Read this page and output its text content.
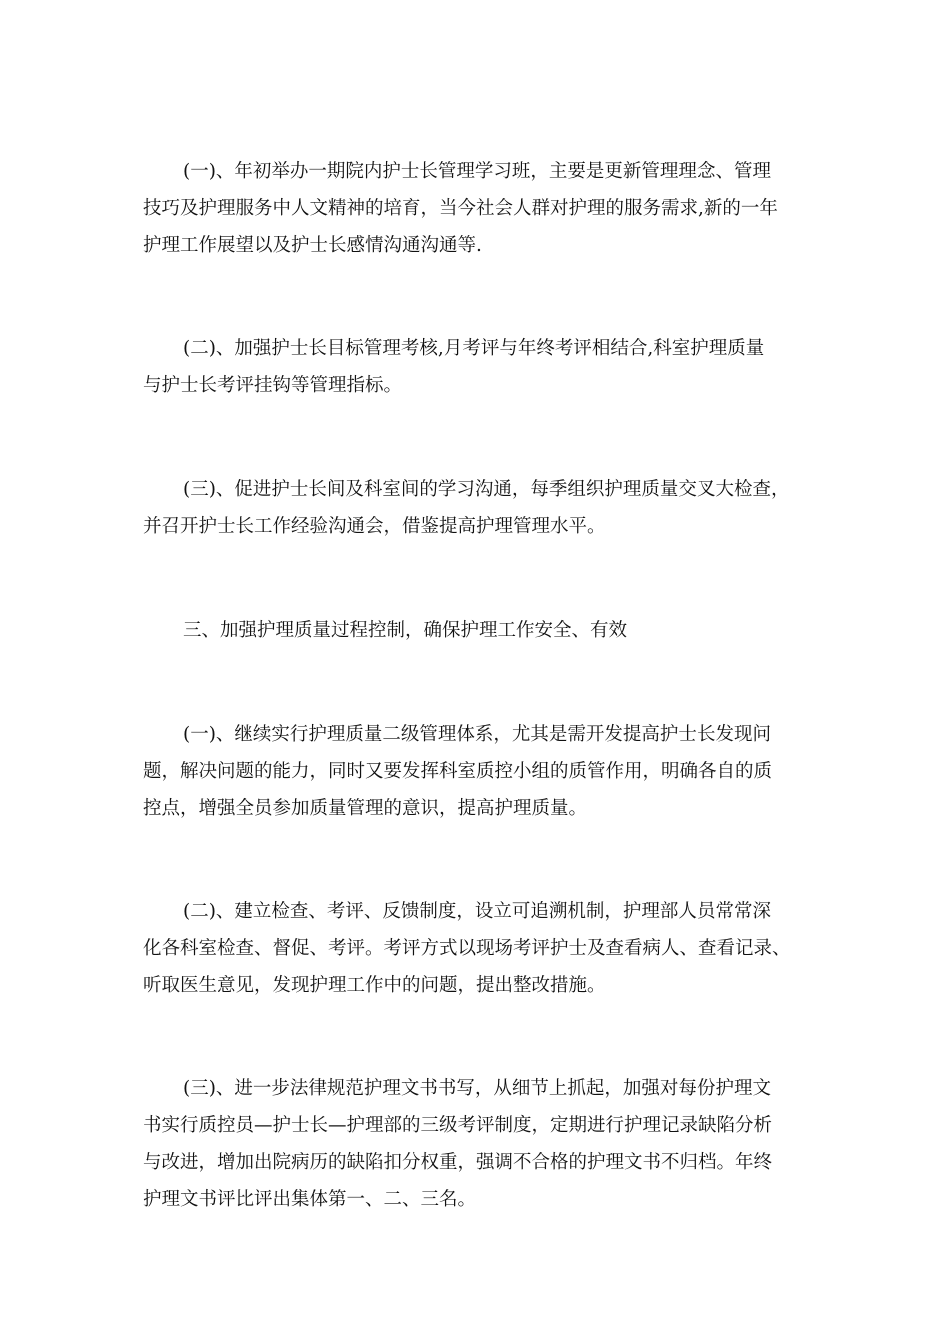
(一)、年初举办一期院内护士长管理学习班，主要是更新管理理念、管理
技巧及护理服务中人文精神的培育，当今社会人群对护理的服务需求,新的一年
护理工作展望以及护士长感情沟通沟通等.
(二)、加强护士长目标管理考核,月考评与年终考评相结合,科室护理质量
与护士长考评挂钩等管理指标。
(三)、促进护士长间及科室间的学习沟通，每季组织护理质量交叉大检查，
并召开护士长工作经验沟通会，借鉴提高护理管理水平。
三、加强护理质量过程控制，确保护理工作安全、有效
(一)、继续实行护理质量二级管理体系，尤其是需开发提高护士长发现问
题，解决问题的能力，同时又要发挥科室质控小组的质管作用，明确各自的质
控点，增强全员参加质量管理的意识，提高护理质量。
(二)、建立检查、考评、反馈制度，设立可追溯机制，护理部人员常常深
化各科室检查、督促、考评。考评方式以现场考评护士及查看病人、查看记录、
听取医生意见，发现护理工作中的问题，提出整改措施。
(三)、进一步法律规范护理文书书写，从细节上抓起，加强对每份护理文
书实行质控员—护士长—护理部的三级考评制度，定期进行护理记录缺陷分析
与改进，增加出院病历的缺陷扣分权重，强调不合格的护理文书不归档。年终
护理文书评比评出集体第一、二、三名。
